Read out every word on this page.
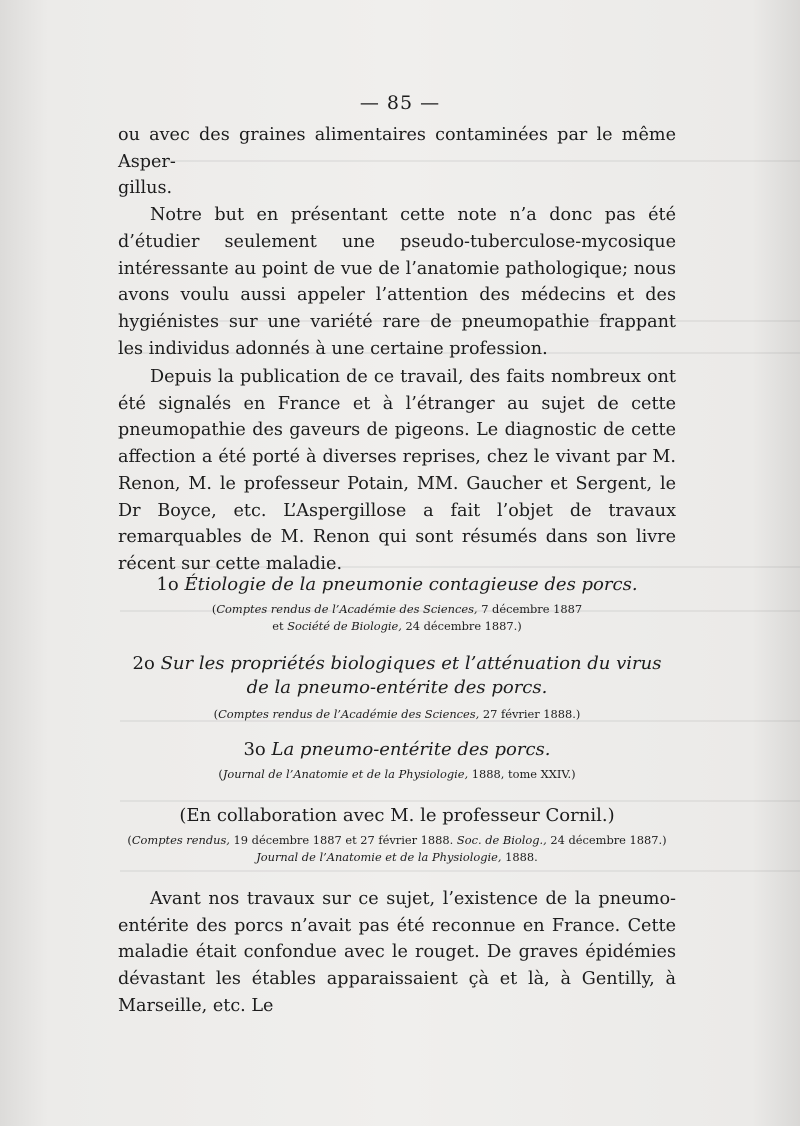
— 85 —

ou avec des graines alimentaires contaminées par le même Asper-

gillus.

Notre but en présentant cette note n’a donc pas été d’étudier seulement une pseudo-tuberculose-mycosique intéressante au point de vue de l’anatomie pathologique; nous avons voulu aussi appeler l’attention des médecins et des hygiénistes sur une variété rare de pneumopathie frappant les individus adonnés à une certaine profession.

Depuis la publication de ce travail, des faits nombreux ont été signalés en France et à l’étranger au sujet de cette pneumopathie des gaveurs de pigeons. Le diagnostic de cette affection a été porté à diverses reprises, chez le vivant par M. Renon, M. le professeur Potain, MM. Gaucher et Sergent, le Dr Boyce, etc. L’Aspergillose a fait l’objet de travaux remarquables de M. Renon qui sont résumés dans son livre récent sur cette maladie.

1o Étiologie de la pneumonie contagieuse des porcs.
(Comptes rendus de l’Académie des Sciences, 7 décembre 1887
et Société de Biologie, 24 décembre 1887.)
2o Sur les propriétés biologiques et l’atténuation du virus
de la pneumo-entérite des porcs.
(Comptes rendus de l’Académie des Sciences, 27 février 1888.)
3o La pneumo-entérite des porcs.
(Journal de l’Anatomie et de la Physiologie, 1888, tome XXIV.)
(En collaboration avec M. le professeur Cornil.)
(Comptes rendus, 19 décembre 1887 et 27 février 1888. Soc. de Biolog., 24 décembre 1887.)
Journal de l’Anatomie et de la Physiologie, 1888.

Avant nos travaux sur ce sujet, l’existence de la pneumo-entérite des porcs n’avait pas été reconnue en France. Cette maladie était confondue avec le rouget. De graves épidémies dévastant les étables apparaissaient çà et là, à Gentilly, à Marseille, etc. Le
